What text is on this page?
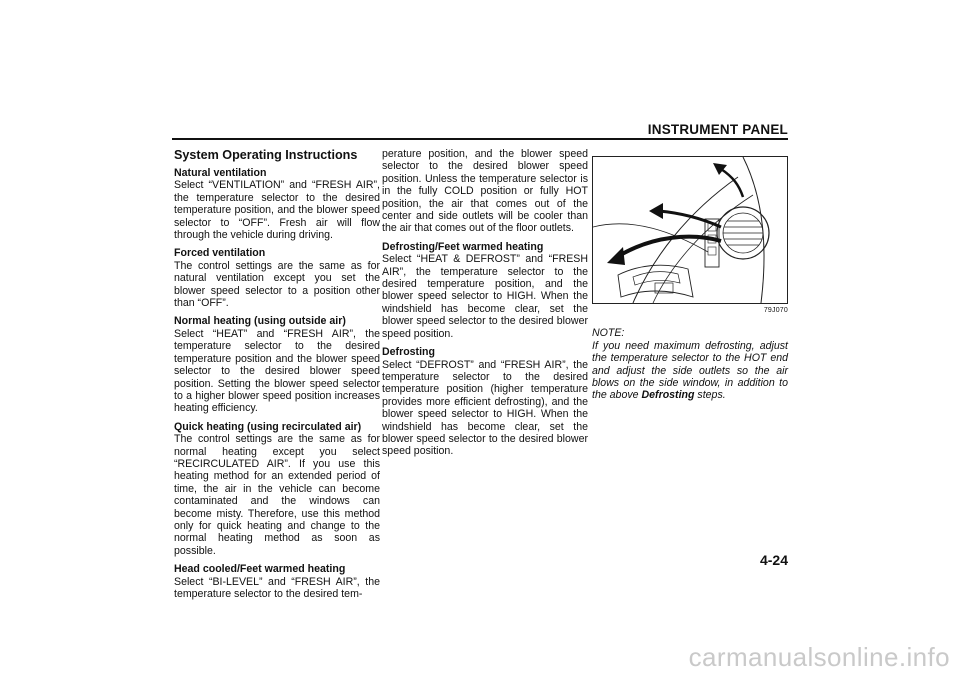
INSTRUMENT PANEL
System Operating Instructions
Natural ventilation

Select “VENTILATION” and “FRESH AIR”, the temperature selector to the desired temperature position, and the blower speed selector to “OFF”. Fresh air will flow through the vehicle during driving.

Forced ventilation

The control settings are the same as for natural ventilation except you set the blower speed selector to a position other than “OFF”.

Normal heating (using outside air)

Select “HEAT” and “FRESH AIR”, the temperature selector to the desired temperature position and the blower speed selector to the desired blower speed position. Setting the blower speed selector to a higher blower speed position increases heating efficiency.

Quick heating (using recirculated air)

The control settings are the same as for normal heating except you select “RECIRCULATED AIR”. If you use this heating method for an extended period of time, the air in the vehicle can become contaminated and the windows can become misty. Therefore, use this method only for quick heating and change to the normal heating method as soon as possible.

Head cooled/Feet warmed heating

Select “BI-LEVEL” and “FRESH AIR”, the temperature selector to the desired tem-

perature position, and the blower speed selector to the desired blower speed position. Unless the temperature selector is in the fully COLD position or fully HOT position, the air that comes out of the center and side outlets will be cooler than the air that comes out of the floor outlets.

Defrosting/Feet warmed heating

Select “HEAT & DEFROST” and “FRESH AIR”, the temperature selector to the desired temperature position, and the blower speed selector to HIGH. When the windshield has become clear, set the blower speed selector to the desired blower speed position.

Defrosting

Select “DEFROST” and “FRESH AIR”, the temperature selector to the desired temperature position (higher temperature provides more efficient defrosting), and the blower speed selector to HIGH. When the windshield has become clear, set the blower speed selector to the desired blower speed position.

79J070
NOTE:

If you need maximum defrosting, adjust the temperature selector to the HOT end and adjust the side outlets so the air blows on the side window, in addition to the above Defrosting steps.

4-24
carmanualsonline.info
